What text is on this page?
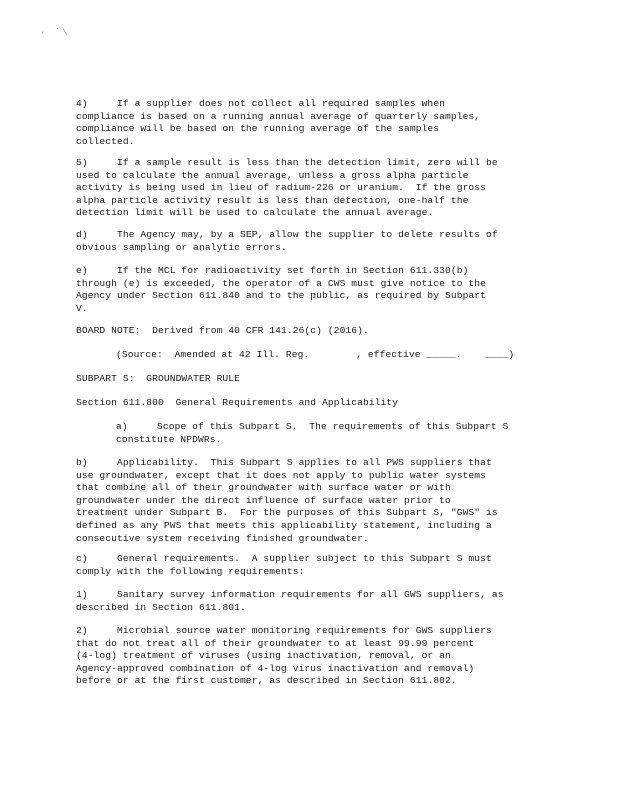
· ˙\
4)     If a supplier does not collect all required samples when
compliance is based on a running annual average of quarterly samples,
compliance will be based on the running average of the samples
collected.
5)     If a sample result is less than the detection limit, zero will be
used to calculate the annual average, unless a gross alpha particle
activity is being used in lieu of radium-226 or uranium.  If the gross
alpha particle activity result is less than detection, one-half the
detection limit will be used to calculate the annual average.
d)     The Agency may, by a SEP, allow the supplier to delete results of
obvious sampling or analytic errors.
e)     If the MCL for radioactivity set forth in Section 611.330(b)
through (e) is exceeded, the operator of a CWS must give notice to the
Agency under Section 611.840 and to the public, as required by Subpart
V.
BOARD NOTE:  Derived from 40 CFR 141.26(c) (2016).
(Source:  Amended at 42 Ill. Reg.        , effective _____.    ____)
SUBPART S:  GROUNDWATER RULE
Section 611.800  General Requirements and Applicability
a)     Scope of this Subpart S.  The requirements of this Subpart S
constitute NPDWRs.
b)     Applicability.  This Subpart S applies to all PWS suppliers that
use groundwater, except that it does not apply to public water systems
that combine all of their groundwater with surface water or with
groundwater under the direct influence of surface water prior to
treatment under Subpart B.  For the purposes of this Subpart S, "GWS" is
defined as any PWS that meets this applicability statement, including a
consecutive system receiving finished groundwater.
c)     General requirements.  A supplier subject to this Subpart S must
comply with the following requirements:
1)     Sanitary survey information requirements for all GWS suppliers, as
described in Section 611.801.
2)     Microbial source water monitoring requirements for GWS suppliers
that do not treat all of their groundwater to at least 99.99 percent
(4-log) treatment of viruses (using inactivation, removal, or an
Agency-approved combination of 4-log virus inactivation and removal)
before or at the first customer, as described in Section 611.802.
